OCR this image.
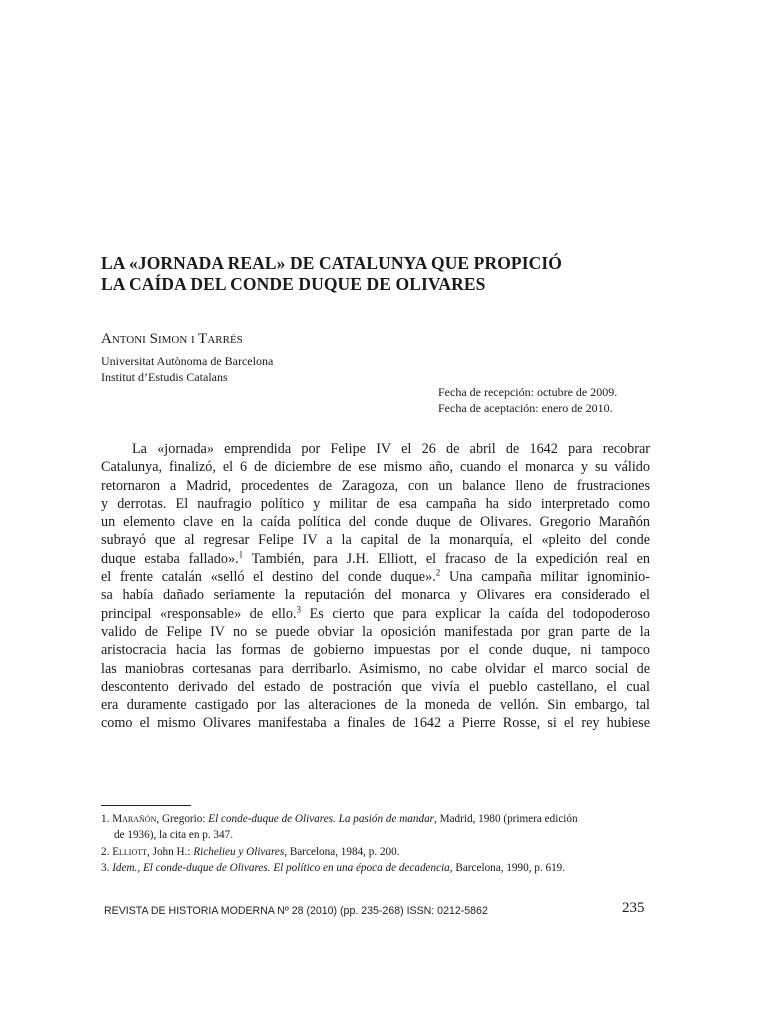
LA «JORNADA REAL» DE CATALUNYA QUE PROPICIÓ
LA CAÍDA DEL CONDE DUQUE DE OLIVARES
Antoni Simon i Tarrés
Universitat Autònoma de Barcelona
Institut d’Estudis Catalans
Fecha de recepción: octubre de 2009.
Fecha de aceptación: enero de 2010.
La «jornada» emprendida por Felipe IV el 26 de abril de 1642 para recobrar
Catalunya, finalizó, el 6 de diciembre de ese mismo año, cuando el monarca y su válido
retornaron a Madrid, procedentes de Zaragoza, con un balance lleno de frustraciones
y derrotas. El naufragio político y militar de esa campaña ha sido interpretado como
un elemento clave en la caída política del conde duque de Olivares. Gregorio Marañón
subrayó que al regresar Felipe IV a la capital de la monarquía, el «pleito del conde
duque estaba fallado».$^1$ También, para J.H. Elliott, el fracaso de la expedición real en
el frente catalán «selló el destino del conde duque».$^2$ Una campaña militar ignominio-
sa había dañado seriamente la reputación del monarca y Olivares era considerado el
principal «responsable» de ello.$^3$ Es cierto que para explicar la caída del todopoderoso
valido de Felipe IV no se puede obviar la oposición manifestada por gran parte de la
aristocracia hacia las formas de gobierno impuestas por el conde duque, ni tampoco
las maniobras cortesanas para derribarlo. Asimismo, no cabe olvidar el marco social de
descontento derivado del estado de postración que vivía el pueblo castellano, el cual
era duramente castigado por las alteraciones de la moneda de vellón. Sin embargo, tal
como el mismo Olivares manifestaba a finales de 1642 a Pierre Rosse, si el rey hubiese
1. Marañón, Gregorio: El conde-duque de Olivares. La pasión de mandar, Madrid, 1980 (primera edición
de 1936), la cita en p. 347.
2. Elliott, John H.: Richelieu y Olivares, Barcelona, 1984, p. 200.
3. Idem., El conde-duque de Olivares. El político en una época de decadencia, Barcelona, 1990, p. 619.
REVISTA DE HISTORIA MODERNA Nº 28 (2010) (pp. 235-268) ISSN: 0212-5862	235
